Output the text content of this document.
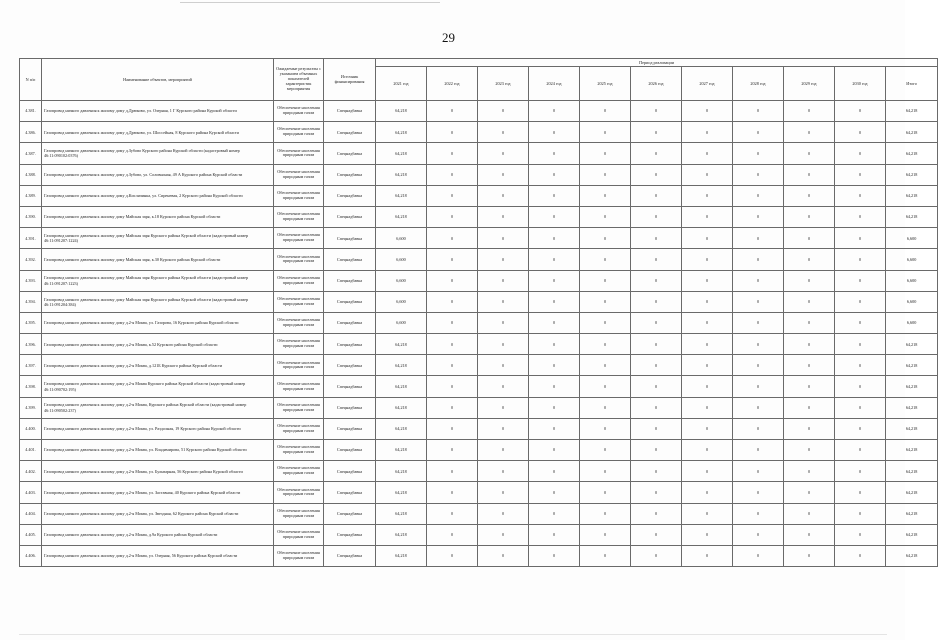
29
N п/п	Наименование объектов, мероприятий	Ожидаемые результаты с указанием объемных показателей характеристик мероприятия	Источник финансирования	Период реализации										
				2021 год	2022 год	2023 год	2024 год	2025 год	2026 год	2027 год	2028 год	2029 год	2030 год	Итого
4.381.	Газопровод низкого давления к жилому дому д.Дрюково, ул. Озерная, 1 Г Курского района Курской области	Обеспечение населения природным газом	Спецнадбавка	64,218	0	0	0	0	0	0	0	0	0	64,218
4.386.	Газопровод низкого давления к жилому дому д.Дрюково, ул. Шоссейная, 8 Курского района Курской области	Обеспечение населения природным газом	Спецнадбавка	64,218	0	0	0	0	0	0	0	0	0	64,218
4.387.	Газопровод низкого давления к жилому дому д.Зубово Курского района Курской области (кадастровый номер 46:11:090102:0376)	Обеспечение населения природным газом	Спецнадбавка	64,218	0	0	0	0	0	0	0	0	0	64,218
4.388.	Газопровод низкого давления к жилому дому д.Зубово, ул. Соловьиная, 49 А Курского района Курской области	Обеспечение населения природным газом	Спецнадбавка	64,218	0	0	0	0	0	0	0	0	0	64,218
4.389.	Газопровод низкого давления к жилому дому д.Кислячинка, ул. Сиреневая, 2 Курского района Курской области	Обеспечение населения природным газом	Спецнадбавка	64,218	0	0	0	0	0	0	0	0	0	64,218
4.390.	Газопровод низкого давления к жилому дому Майская заря, к.18 Курского района Курской области	Обеспечение населения природным газом	Спецнадбавка	64,218	0	0	0	0	0	0	0	0	0	64,218
4.391.	Газопровод низкого давления к жилому дому Майская заря Курского района Курской области (кадастровый номер 46:11:091207:1224)	Обеспечение населения природным газом	Спецнадбавка	6,600	0	0	0	0	0	0	0	0	0	6,600
4.392.	Газопровод низкого давления к жилому дому Майская заря, к.30 Курского района Курской области	Обеспечение населения природным газом	Спецнадбавка	6,600	0	0	0	0	0	0	0	0	0	6,600
4.393.	Газопровод низкого давления к жилому дому Майская заря Курского района Курской области (кадастровый номер 46:11:091207:1223)	Обеспечение населения природным газом	Спецнадбавка	6,600	0	0	0	0	0	0	0	0	0	6,600
4.394.	Газопровод низкого давления к жилому дому Майская заря Курского района Курской области (кадастровый номер 46:11:091204:384)	Обеспечение населения природным газом	Спецнадбавка	6,600	0	0	0	0	0	0	0	0	0	6,600
4.395.	Газопровод низкого давления к жилому дому д.2-я Моква, ул. Газорова, 16 Курского района Курской области	Обеспечение населения природным газом	Спецнадбавка	6,600	0	0	0	0	0	0	0	0	0	6,600
4.396.	Газопровод низкого давления к жилому дому д.2-я Моква, к.52 Курского района Курской области	Обеспечение населения природным газом	Спецнадбавка	64,218	0	0	0	0	0	0	0	0	0	64,218
4.397.	Газопровод низкого давления к жилому дому д.2-я Моква, д.121Б Курского района Курской области	Обеспечение населения природным газом	Спецнадбавка	64,218	0	0	0	0	0	0	0	0	0	64,218
4.398.	Газопровод низкого давления к жилому дому д.2-я Моква Курского района Курской области (кадастровый номер 46:11:090702:195)	Обеспечение населения природным газом	Спецнадбавка	64,218	0	0	0	0	0	0	0	0	0	64,218
4.399.	Газопровод низкого давления к жилому дому д.2-я Моква, Курского района Курской области (кадастровый номер 46:11:090502:237)	Обеспечение населения природным газом	Спецнадбавка	64,218	0	0	0	0	0	0	0	0	0	64,218
4.400.	Газопровод низкого давления к жилому дому д.2-я Моква, ул. Раздолная, 19 Курского района Курской области	Обеспечение населения природным газом	Спецнадбавка	64,218	0	0	0	0	0	0	0	0	0	64,218
4.401.	Газопровод низкого давления к жилому дому д.2-я Моква, ул. Владимирова, 51 Курского района Курской области	Обеспечение населения природным газом	Спецнадбавка	64,218	0	0	0	0	0	0	0	0	0	64,218
4.402.	Газопровод низкого давления к жилому дому д.2-я Моква, ул. Бульварная, 56 Курского района Курской области	Обеспечение населения природным газом	Спецнадбавка	64,218	0	0	0	0	0	0	0	0	0	64,218
4.403.	Газопровод низкого давления к жилому дому д.2-я Моква, ул. Заставная, 40 Курского района Курской области	Обеспечение населения природным газом	Спецнадбавка	64,218	0	0	0	0	0	0	0	0	0	64,218
4.404.	Газопровод низкого давления к жилому дому д.2-я Моква, ул. Звездная, 62 Курского района Курской области	Обеспечение населения природным газом	Спецнадбавка	64,218	0	0	0	0	0	0	0	0	0	64,218
4.405.	Газопровод низкого давления к жилому дому д.2-я Моква, д.9а Курского района Курской области	Обеспечение населения природным газом	Спецнадбавка	64,218	0	0	0	0	0	0	0	0	0	64,218
4.406.	Газопровод низкого давления к жилому дому д.2-я Моква, ул. Озерная, 56 Курского района Курской области	Обеспечение населения природным газом	Спецнадбавка	64,218	0	0	0	0	0	0	0	0	0	64,218
